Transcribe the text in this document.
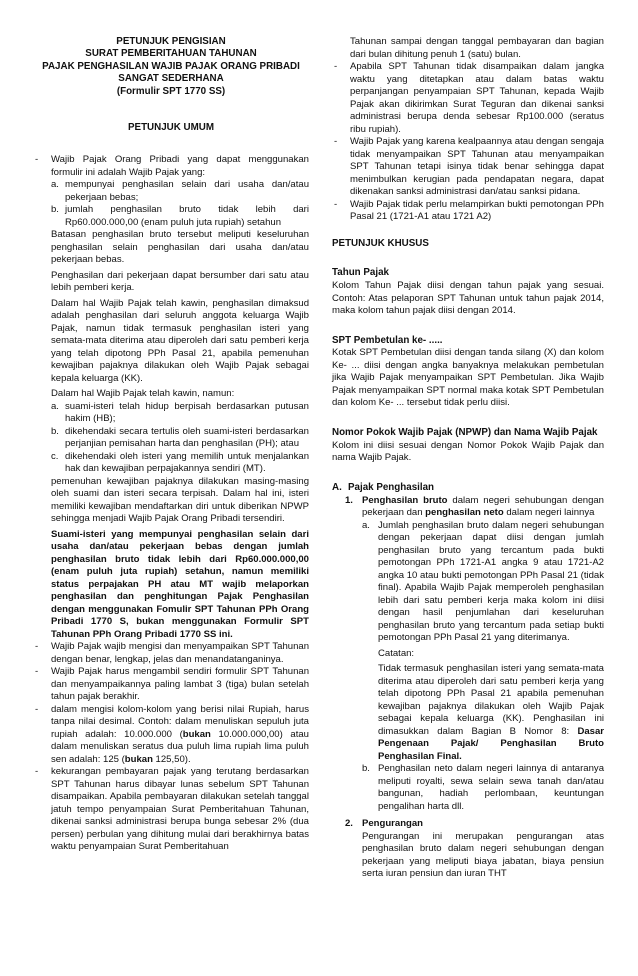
PETUNJUK PENGISIAN

SURAT PEMBERITAHUAN TAHUNAN

PAJAK PENGHASILAN WAJIB PAJAK ORANG PRIBADI

SANGAT SEDERHANA

(Formulir SPT 1770 SS)

PETUNJUK UMUM

- Wajib Pajak Orang Pribadi yang dapat menggunakan formulir ini adalah Wajib Pajak yang:
a. mempunyai penghasilan selain dari usaha dan/atau pekerjaan bebas;
b. jumlah penghasilan bruto tidak lebih dari Rp60.000.000,00 (enam puluh juta rupiah) setahun

Batasan penghasilan bruto tersebut meliputi keseluruhan penghasilan selain penghasilan dari usaha dan/atau pekerjaan bebas.

Penghasilan dari pekerjaan dapat bersumber dari satu atau lebih pemberi kerja.

Dalam hal Wajib Pajak telah kawin, penghasilan dimaksud adalah penghasilan dari seluruh anggota keluarga Wajib Pajak, namun tidak termasuk penghasilan isteri yang semata-mata diterima atau diperoleh dari satu pemberi kerja yang telah dipotong PPh Pasal 21, apabila pemenuhan kewajiban pajaknya dilakukan oleh Wajib Pajak sebagai kepala keluarga (KK).

Dalam hal Wajib Pajak telah kawin, namun:

a. suami-isteri telah hidup berpisah berdasarkan putusan hakim (HB);
b. dikehendaki secara tertulis oleh suami-isteri berdasarkan perjanjian pemisahan harta dan penghasilan (PH); atau
c. dikehendaki oleh isteri yang memilih untuk menjalankan hak dan kewajiban perpajakannya sendiri (MT).

pemenuhan kewajiban pajaknya dilakukan masing-masing oleh suami dan isteri secara terpisah. Dalam hal ini, isteri memiliki kewajiban mendaftarkan diri untuk diberikan NPWP sehingga menjadi Wajib Pajak Orang Pribadi tersendiri.

Suami-isteri yang mempunyai penghasilan selain dari usaha dan/atau pekerjaan bebas dengan jumlah penghasilan bruto tidak lebih dari Rp60.000.000,00 (enam puluh juta rupiah) setahun, namun memiliki status perpajakan PH atau MT wajib melaporkan penghasilan dan penghitungan Pajak Penghasilan dengan menggunakan Fomulir SPT Tahunan PPh Orang Pribadi 1770 S, bukan menggunakan Formulir SPT Tahunan PPh Orang Pribadi 1770 SS ini.

- Wajib Pajak wajib mengisi dan menyampaikan SPT Tahunan dengan benar, lengkap, jelas dan menandatanganinya.
- Wajib Pajak harus mengambil sendiri formulir SPT Tahunan dan menyampaikannya paling lambat 3 (tiga) bulan setelah tahun pajak berakhir.
- dalam mengisi kolom-kolom yang berisi nilai Rupiah, harus tanpa nilai desimal. Contoh: dalam menuliskan sepuluh juta rupiah adalah: 10.000.000 (bukan 10.000.000,00) atau dalam menuliskan seratus dua puluh lima rupiah lima puluh sen adalah: 125 (bukan 125,50).
- kekurangan pembayaran pajak yang terutang berdasarkan SPT Tahunan harus dibayar lunas sebelum SPT Tahunan disampaikan. Apabila pembayaran dilakukan setelah tanggal jatuh tempo penyampaian Surat Pemberitahuan Tahunan, dikenai sanksi administrasi berupa bunga sebesar 2% (dua persen) perbulan yang dihitung mulai dari berakhirnya batas waktu penyampaian Surat Pemberitahuan

Tahunan sampai dengan tanggal pembayaran dan bagian dari bulan dihitung penuh 1 (satu) bulan.

- Apabila SPT Tahunan tidak disampaikan dalam jangka waktu yang ditetapkan atau dalam batas waktu perpanjangan penyampaian SPT Tahunan, kepada Wajib Pajak akan dikirimkan Surat Teguran dan dikenai sanksi administrasi berupa denda sebesar Rp100.000 (seratus ribu rupiah).
- Wajib Pajak yang karena kealpaannya atau dengan sengaja tidak menyampaikan SPT Tahunan atau menyampaikan SPT Tahunan tetapi isinya tidak benar sehingga dapat menimbulkan kerugian pada pendapatan negara, dapat dikenakan sanksi administrasi dan/atau sanksi pidana.
- Wajib Pajak tidak perlu melampirkan bukti pemotongan PPh Pasal 21 (1721-A1 atau 1721 A2)

PETUNJUK KHUSUS

Tahun Pajak

Kolom Tahun Pajak diisi dengan tahun pajak yang sesuai. Contoh: Atas pelaporan SPT Tahunan untuk tahun pajak 2014, maka kolom tahun pajak diisi dengan 2014.

SPT Pembetulan ke- .....

Kotak SPT Pembetulan diisi dengan tanda silang (X) dan kolom Ke- ... diisi dengan angka banyaknya melakukan pembetulan jika Wajib Pajak menyampaikan SPT Pembetulan. Jika Wajib Pajak menyampaikan SPT normal maka kotak SPT Pembetulan dan kolom Ke- ... tersebut tidak perlu diisi.

Nomor Pokok Wajib Pajak (NPWP) dan Nama Wajib Pajak

Kolom ini diisi sesuai dengan Nomor Pokok Wajib Pajak dan nama Wajib Pajak.

A. Pajak Penghasilan
1. Penghasilan bruto dalam negeri sehubungan dengan pekerjaan dan penghasilan neto dalam negeri lainnya
a. Jumlah penghasilan bruto dalam negeri sehubungan dengan pekerjaan dapat diisi dengan jumlah penghasilan bruto yang tercantum pada bukti pemotongan PPh 1721-A1 angka 9 atau 1721-A2 angka 10 atau bukti pemotongan PPh Pasal 21 (tidak final). Apabila Wajib Pajak memperoleh penghasilan lebih dari satu pemberi kerja maka kolom ini diisi dengan hasil penjumlahan dari keseluruhan penghasilan bruto yang tercantum pada setiap bukti pemotongan PPh Pasal 21 yang diterimanya.

Catatan:

Tidak termasuk penghasilan isteri yang semata-mata diterima atau diperoleh dari satu pemberi kerja yang telah dipotong PPh Pasal 21 apabila pemenuhan kewajiban pajaknya dilakukan oleh Wajib Pajak sebagai kepala keluarga (KK). Penghasilan ini dimasukkan dalam Bagian B Nomor 8: Dasar Pengenaan Pajak/ Penghasilan Bruto Penghasilan Final.

b. Penghasilan neto dalam negeri lainnya di antaranya meliputi royalti, sewa selain sewa tanah dan/atau bangunan, hadiah perlombaan, keuntungan pengalihan harta dll.
2. Pengurangan

Pengurangan ini merupakan pengurangan atas penghasilan bruto dalam negeri sehubungan dengan pekerjaan yang meliputi biaya jabatan, biaya pensiun serta iuran pensiun dan iuran THT
